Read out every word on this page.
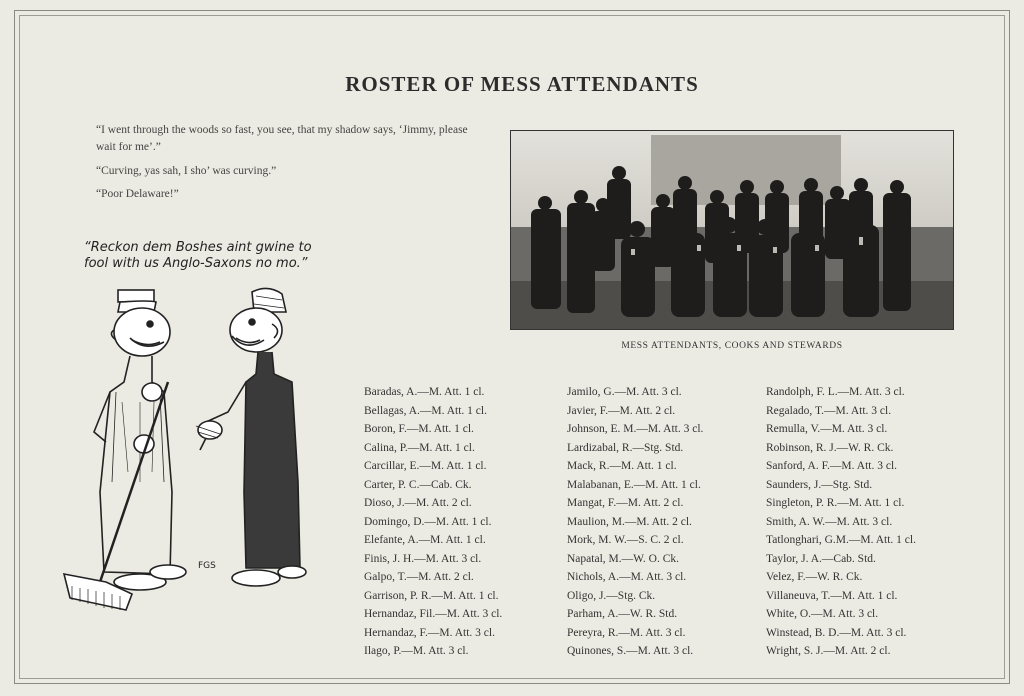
ROSTER OF MESS ATTENDANTS

“I went through the woods so fast, you see, that my shadow says, ‘Jimmy, please wait for me’.”

“Curving, yas sah, I sho’ was curving.”

“Poor Delaware!”

“Reckon dem Boshes aint gwine to
fool with us Anglo-Saxons no mo.”
FGS
MESS ATTENDANTS, COOKS AND STEWARDS
Baradas, A.—M. Att. 1 cl.
Bellagas, A.—M. Att. 1 cl.
Boron, F.—M. Att. 1 cl.
Calina, P.—M. Att. 1 cl.
Carcillar, E.—M. Att. 1 cl.
Carter, P. C.—Cab. Ck.
Dioso, J.—M. Att. 2 cl.
Domingo, D.—M. Att. 1 cl.
Elefante, A.—M. Att. 1 cl.
Finis, J. H.—M. Att. 3 cl.
Galpo, T.—M. Att. 2 cl.
Garrison, P. R.—M. Att. 1 cl.
Hernandaz, Fil.—M. Att. 3 cl.
Hernandaz, F.—M. Att. 3 cl.
Ilago, P.—M. Att. 3 cl.
Jamilo, G.—M. Att. 3 cl.
Javier, F.—M. Att. 2 cl.
Johnson, E. M.—M. Att. 3 cl.
Lardizabal, R.—Stg. Std.
Mack, R.—M. Att. 1 cl.
Malabanan, E.—M. Att. 1 cl.
Mangat, F.—M. Att. 2 cl.
Maulion, M.—M. Att. 2 cl.
Mork, M. W.—S. C. 2 cl.
Napatal, M.—W. O. Ck.
Nichols, A.—M. Att. 3 cl.
Oligo, J.—Stg. Ck.
Parham, A.—W. R. Std.
Pereyra, R.—M. Att. 3 cl.
Quinones, S.—M. Att. 3 cl.
Randolph, F. L.—M. Att. 3 cl.
Regalado, T.—M. Att. 3 cl.
Remulla, V.—M. Att. 3 cl.
Robinson, R. J.—W. R. Ck.
Sanford, A. F.—M. Att. 3 cl.
Saunders, J.—Stg. Std.
Singleton, P. R.—M. Att. 1 cl.
Smith, A. W.—M. Att. 3 cl.
Tatlonghari, G.M.—M. Att. 1 cl.
Taylor, J. A.—Cab. Std.
Velez, F.—W. R. Ck.
Villaneuva, T.—M. Att. 1 cl.
White, O.—M. Att. 3 cl.
Winstead, B. D.—M. Att. 3 cl.
Wright, S. J.—M. Att. 2 cl.
